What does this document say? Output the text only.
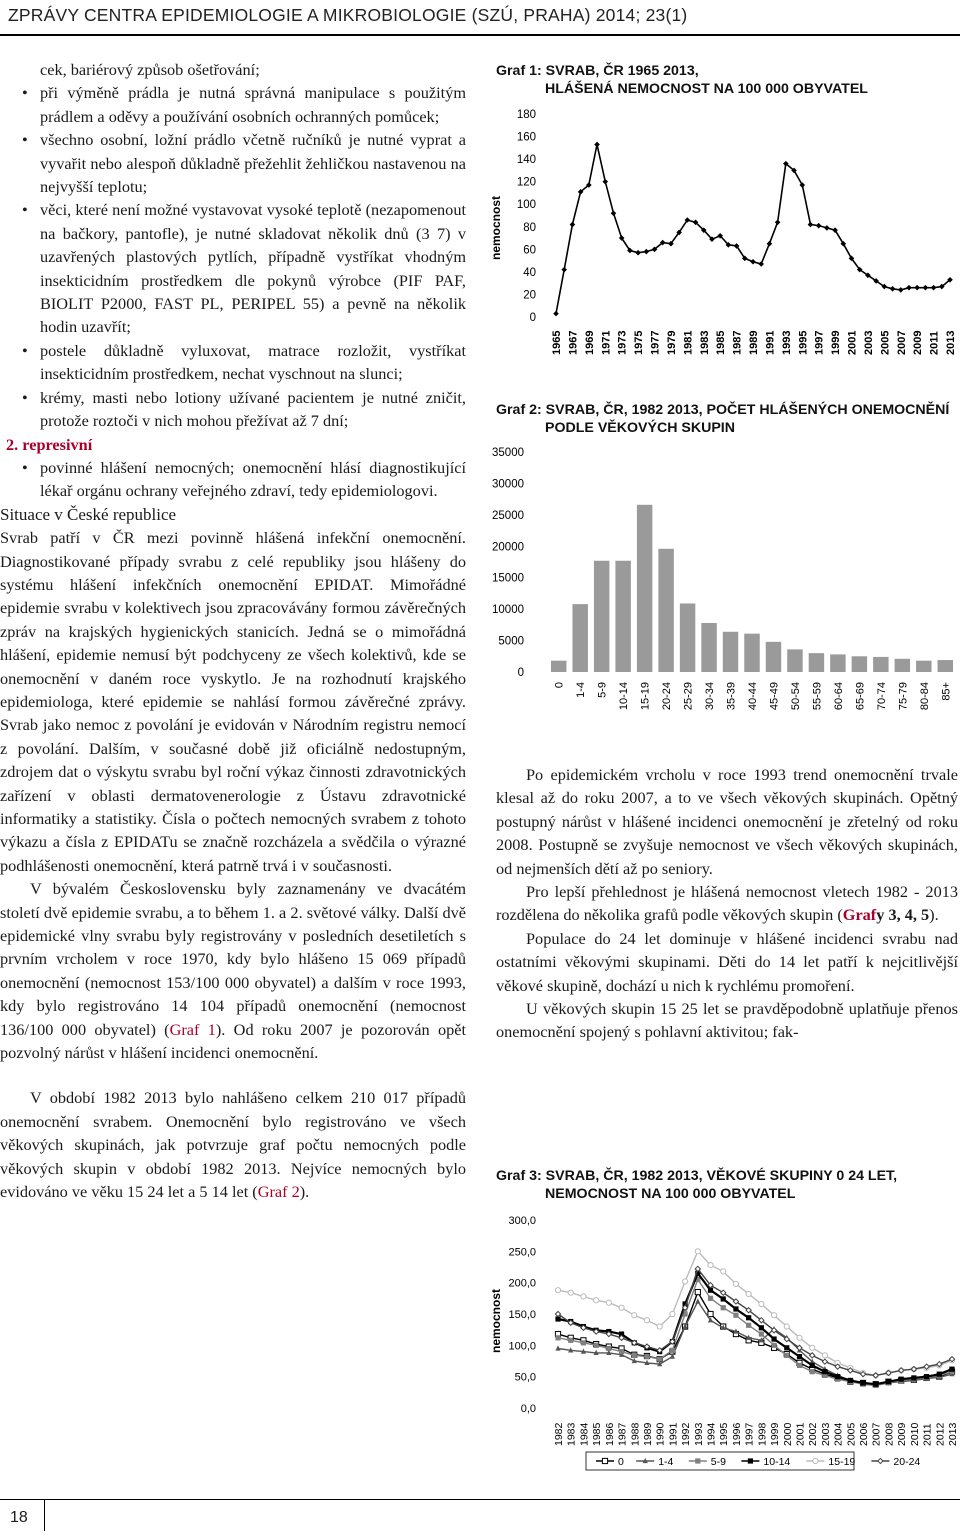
ZPRÁVY CENTRA EPIDEMIOLOGIE A MIKROBIOLOGIE (SZÚ, PRAHA) 2014; 23(1)

cek, bariérový způsob ošetřování;

• při výměně prádla je nutná správná manipulace s použitým prádlem a oděvy a používání osobních ochranných pomůcek;

• všechno osobní, ložní prádlo včetně ručníků je nutné vyprat a vyvařit nebo alespoň důkladně přežehlit žehličkou nastavenou na nejvyšší teplotu;

• věci, které není možné vystavovat vysoké teplotě (nezapomenout na bačkory, pantofle), je nutné skladovat několik dnů (3 7) v uzavřených plastových pytlích, případně vystříkat vhodným insekticidním prostředkem dle pokynů výrobce (PIF PAF, BIOLIT P2000, FAST PL, PERIPEL 55) a pevně na několik hodin uzavřít;

• postele důkladně vyluxovat, matrace rozložit, vystříkat insekticidním prostředkem, nechat vyschnout na slunci;

• krémy, masti nebo lotiony užívané pacientem je nutné zničit, protože roztoči v nich mohou přežívat až 7 dní;

2. represivní

• povinné hlášení nemocných; onemocnění hlásí diagnostikující lékař orgánu ochrany veřejného zdraví, tedy epidemiologovi.

Situace v České republice

Svrab patří v ČR mezi povinně hlášená infekční onemocnění. Diagnostikované případy svrabu z celé republiky jsou hlášeny do systému hlášení infekčních onemocnění EPIDAT. Mimořádné epidemie svrabu v kolektivech jsou zpracovávány formou závěrečných zpráv na krajských hygienických stanicích. Jedná se o mimořádná hlášení, epidemie nemusí být podchyceny ze všech kolektivů, kde se onemocnění v daném roce vyskytlo. Je na rozhodnutí krajského epidemiologa, které epidemie se nahlásí formou závěrečné zprávy. Svrab jako nemoc z povolání je evidován v Národním registru nemocí z povolání. Dalším, v současné době již oficiálně nedostupným, zdrojem dat o výskytu svrabu byl roční výkaz činnosti zdravotnických zařízení v oblasti dermatovenerologie z Ústavu zdravotnické informatiky a statistiky. Čísla o počtech nemocných svrabem z tohoto výkazu a čísla z EPIDATu se značně rozcházela a svědčila o výrazné podhlášenosti onemocnění, která patrně trvá i v současnosti.

V bývalém Československu byly zaznamenány ve dvacátém století dvě epidemie svrabu, a to během 1. a 2. světové války. Další dvě epidemické vlny svrabu byly registrovány v posledních desetiletích s prvním vrcholem v roce 1970, kdy bylo hlášeno 15 069 případů onemocnění (nemocnost 153/100 000 obyvatel) a dalším v roce 1993, kdy bylo registrováno 14 104 případů onemocnění (nemocnost 136/100 000 obyvatel) (Graf 1). Od roku 2007 je pozorován opět pozvolný nárůst v hlášení incidenci onemocnění.

V období 1982 2013 bylo nahlášeno celkem 210 017 případů onemocnění svrabem. Onemocnění bylo registrováno ve všech věkových skupinách, jak potvrzuje graf počtu nemocných podle věkových skupin v období 1982 2013. Nejvíce nemocných bylo evidováno ve věku 15 24 let a 5 14 let (Graf 2).

Graf 1: SVRAB, ČR 1965 2013,
HLÁŠENÁ NEMOCNOST NA 100 000 OBYVATEL
0
20
40
60
80
100
120
140
160
180
nemocnost
1965 1967 1969 1971 1973 1975 1977 1979 1981 1983 1985 1987 1989 1991 1993 1995 1997 1999 2001 2003 2005 2007 2009 2011 2013
Graf 2: SVRAB, ČR, 1982 2013, POČET HLÁŠENÝCH ONEMOCNĚNÍ
PODLE VĚKOVÝCH SKUPIN
0
5000
10000
15000
20000
25000
30000
35000
0 1-4 5-9 10-14 15-19 20-24 25-29 30-34 35-39 40-44 45-49 50-54 55-59 60-64 65-69 70-74 75-79 80-84 85+

Po epidemickém vrcholu v roce 1993 trend onemocnění trvale klesal až do roku 2007, a to ve všech věkových skupinách. Opětný postupný nárůst v hlášené incidenci onemocnění je zřetelný od roku 2008. Postupně se zvyšuje nemocnost ve všech věkových skupinách, od nejmenších dětí až po seniory.

Pro lepší přehlednost je hlášená nemocnost vletech 1982 - 2013 rozdělena do několika grafů podle věkových skupin (Grafy 3, 4, 5).

Populace do 24 let dominuje v hlášené incidenci svrabu nad ostatními věkovými skupinami. Děti do 14 let patří k nejcitlivější věkové skupině, dochází u nich k rychlému promoření.

U věkových skupin 15 25 let se pravděpodobně uplatňuje přenos onemocnění spojený s pohlavní aktivitou; fak-

Graf 3: SVRAB, ČR, 1982 2013, VĚKOVÉ SKUPINY 0 24 LET,
NEMOCNOST NA 100 000 OBYVATEL
0,0
50,0
100,0
150,0
200,0
250,0
300,0
nemocnost
1982 1983 1984 1985 1986 1987 1988 1989 1990 1991 1992 1993 1994 1995 1996 1997 1998 1999 2000 2001 2002 2003 2004 2005 2006 2007 2008 2009 2010 2011 2012 2013
0	1-4	5-9	10-14	15-19	20-24
18
